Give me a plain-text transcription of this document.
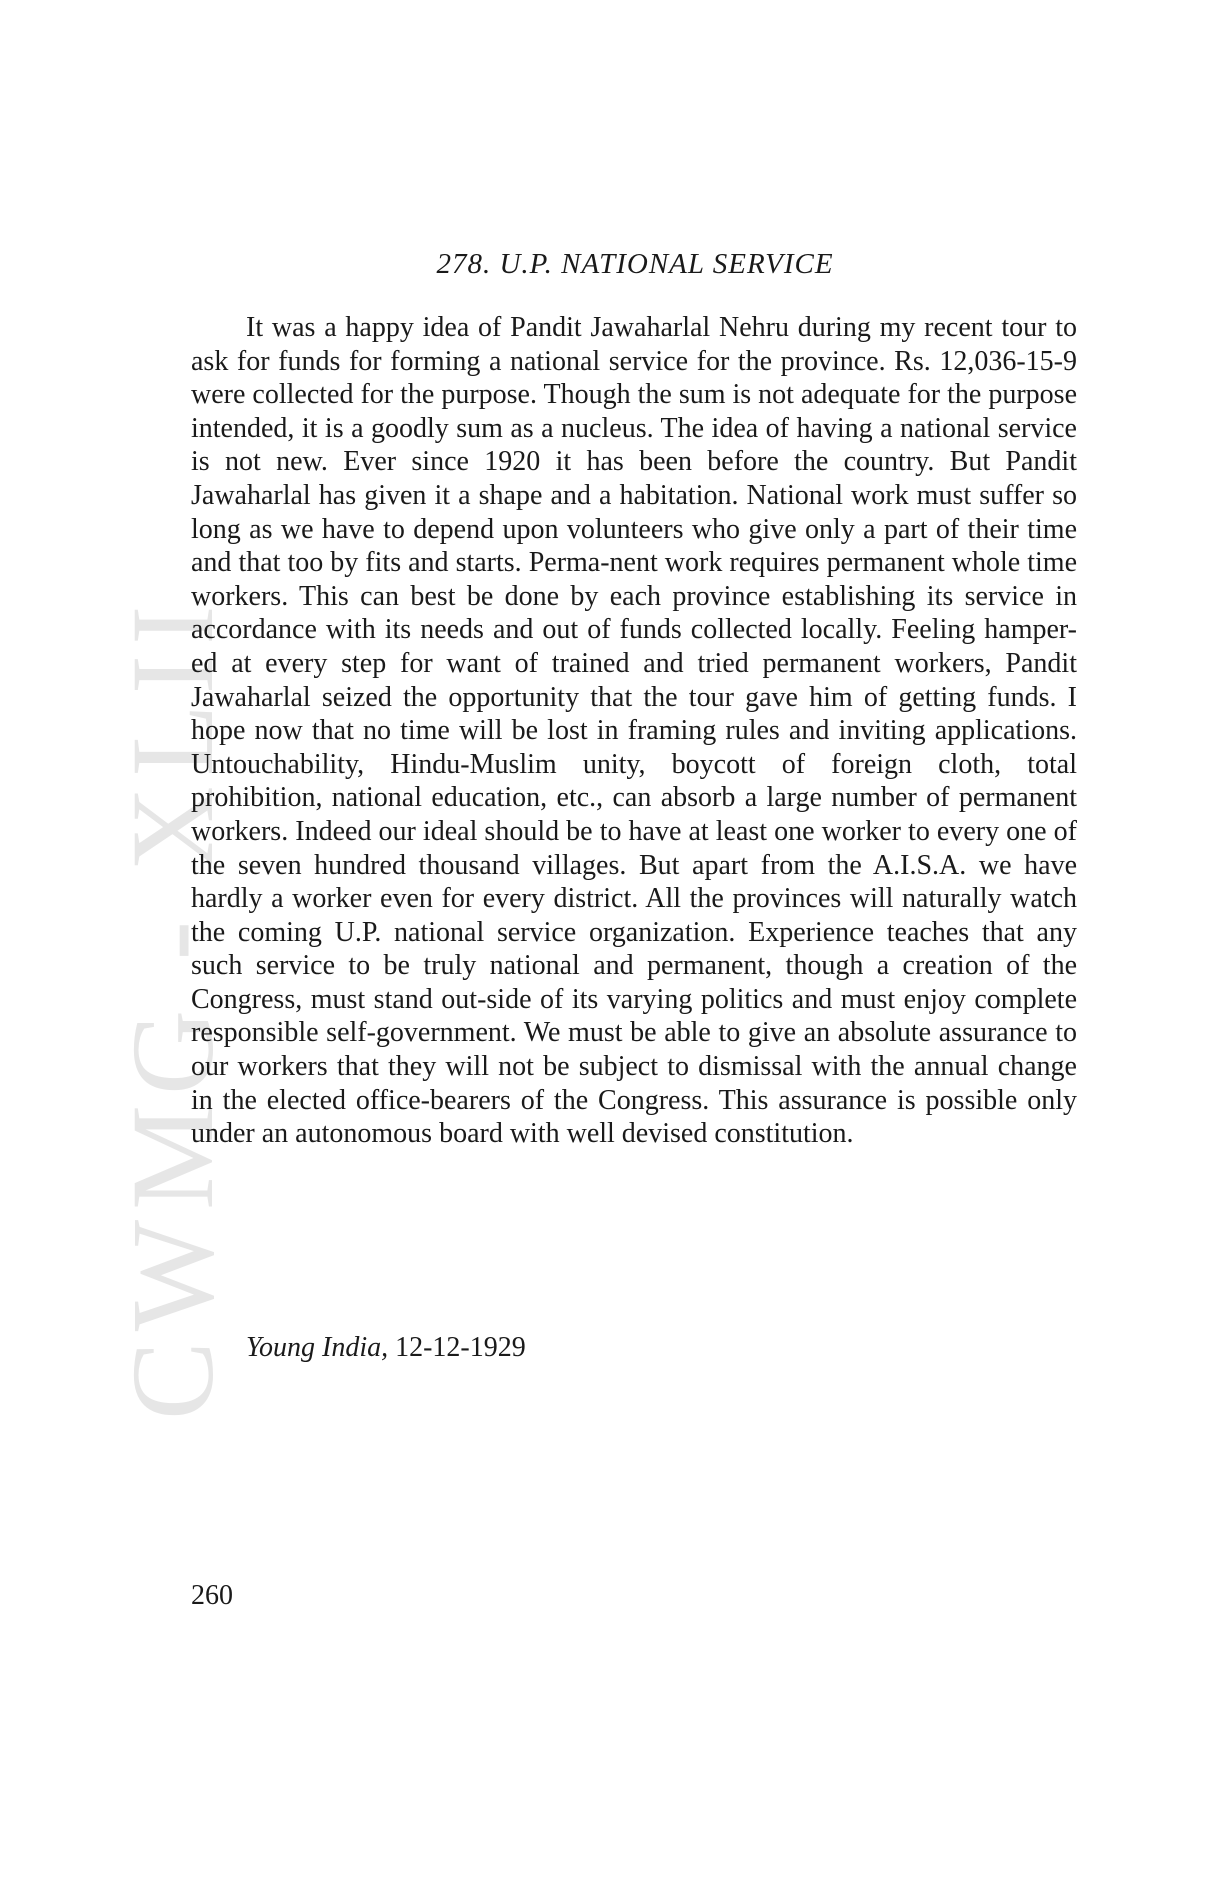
CWMG - XLII
278. U.P. NATIONAL SERVICE

It was a happy idea of Pandit Jawaharlal Nehru during my recent tour to ask for funds for forming a national service for the province. Rs. 12,036-15-9 were collected for the purpose. Though the sum is not adequate for the purpose intended, it is a goodly sum as a nucleus. The idea of having a national service is not new. Ever since 1920 it has been before the country. But Pandit Jawaharlal has given it a shape and a habitation. National work must suffer so long as we have to depend upon volunteers who give only a part of their time and that too by fits and starts. Perma-nent work requires permanent whole time workers. This can best be done by each province establishing its service in accordance with its needs and out of funds collected locally. Feeling hamper-ed at every step for want of trained and tried permanent workers, Pandit Jawaharlal seized the opportunity that the tour gave him of getting funds. I hope now that no time will be lost in framing rules and inviting applications. Untouchability, Hindu-Muslim unity, boycott of foreign cloth, total prohibition, national education, etc., can absorb a large number of permanent workers. Indeed our ideal should be to have at least one worker to every one of the seven hundred thousand villages. But apart from the A.I.S.A. we have hardly a worker even for every district. All the provinces will naturally watch the coming U.P. national service organization. Experience teaches that any such service to be truly national and permanent, though a creation of the Congress, must stand out-side of its varying politics and must enjoy complete responsible self-government. We must be able to give an absolute assurance to our workers that they will not be subject to dismissal with the annual change in the elected office-bearers of the Congress. This assurance is possible only under an autonomous board with well devised constitution.

Young India, 12-12-1929
260
